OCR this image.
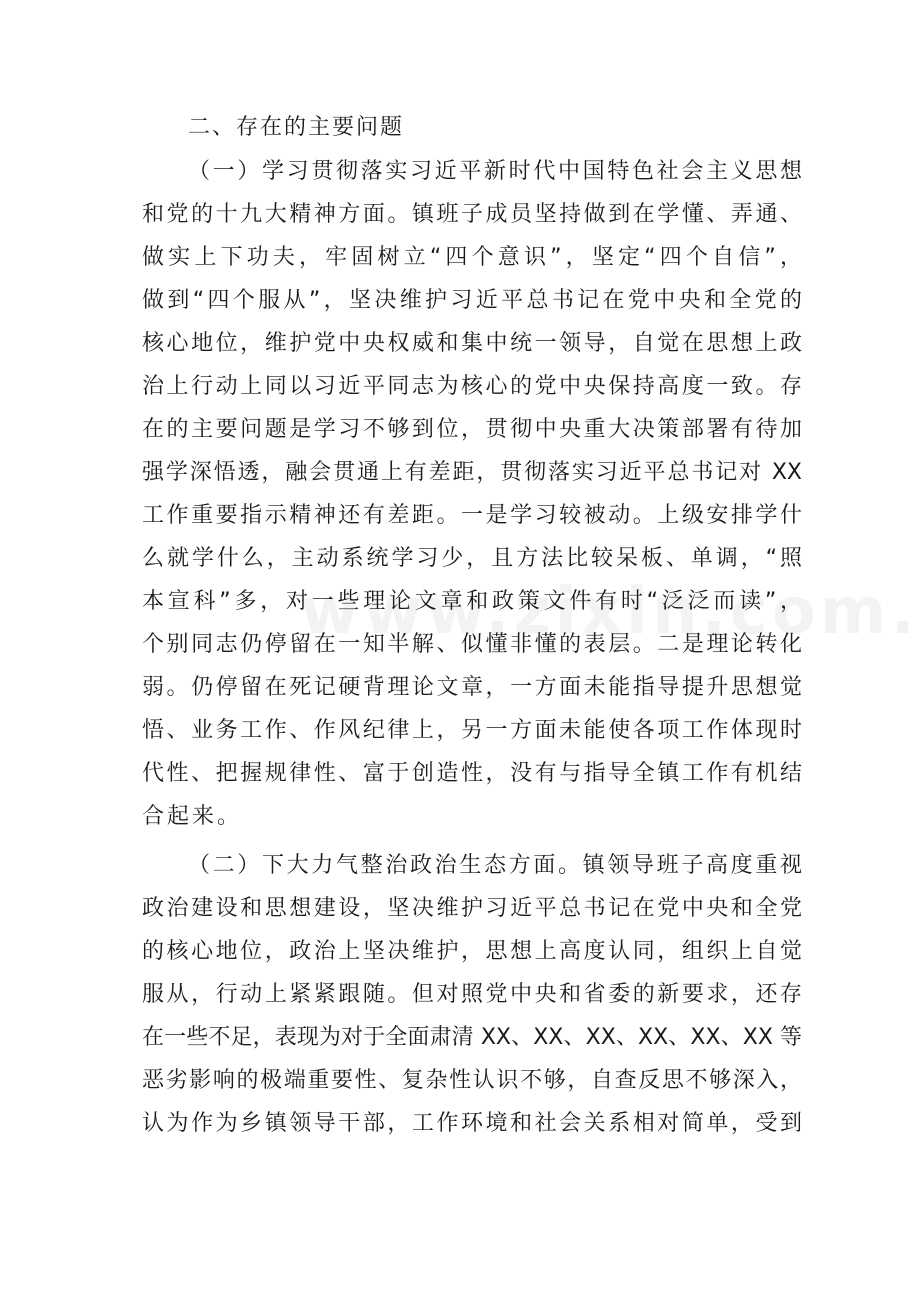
二、存在的主要问题
（一）学习贯彻落实习近平新时代中国特色社会主义思想
和党的十九大精神方面。镇班子成员坚持做到在学懂、弄通、
做实上下功夫，牢固树立“四个意识”，坚定“四个自信”，
做到“四个服从”，坚决维护习近平总书记在党中央和全党的
核心地位，维护党中央权威和集中统一领导，自觉在思想上政
治上行动上同以习近平同志为核心的党中央保持高度一致。存
在的主要问题是学习不够到位，贯彻中央重大决策部署有待加
强学深悟透，融会贯通上有差距，贯彻落实习近平总书记对 XX
工作重要指示精神还有差距。一是学习较被动。上级安排学什
么就学什么，主动系统学习少，且方法比较呆板、单调，“照
本宣科”多，对一些理论文章和政策文件有时“泛泛而读”，
个别同志仍停留在一知半解、似懂非懂的表层。二是理论转化
弱。仍停留在死记硬背理论文章，一方面未能指导提升思想觉
悟、业务工作、作风纪律上，另一方面未能使各项工作体现时
代性、把握规律性、富于创造性，没有与指导全镇工作有机结
合起来。
（二）下大力气整治政治生态方面。镇领导班子高度重视
政治建设和思想建设，坚决维护习近平总书记在党中央和全党
的核心地位，政治上坚决维护，思想上高度认同，组织上自觉
服从，行动上紧紧跟随。但对照党中央和省委的新要求，还存
在一些不足，表现为对于全面肃清 XX、XX、XX、XX、XX、XX 等
恶劣影响的极端重要性、复杂性认识不够，自查反思不够深入，
认为作为乡镇领导干部，工作环境和社会关系相对简单，受到
